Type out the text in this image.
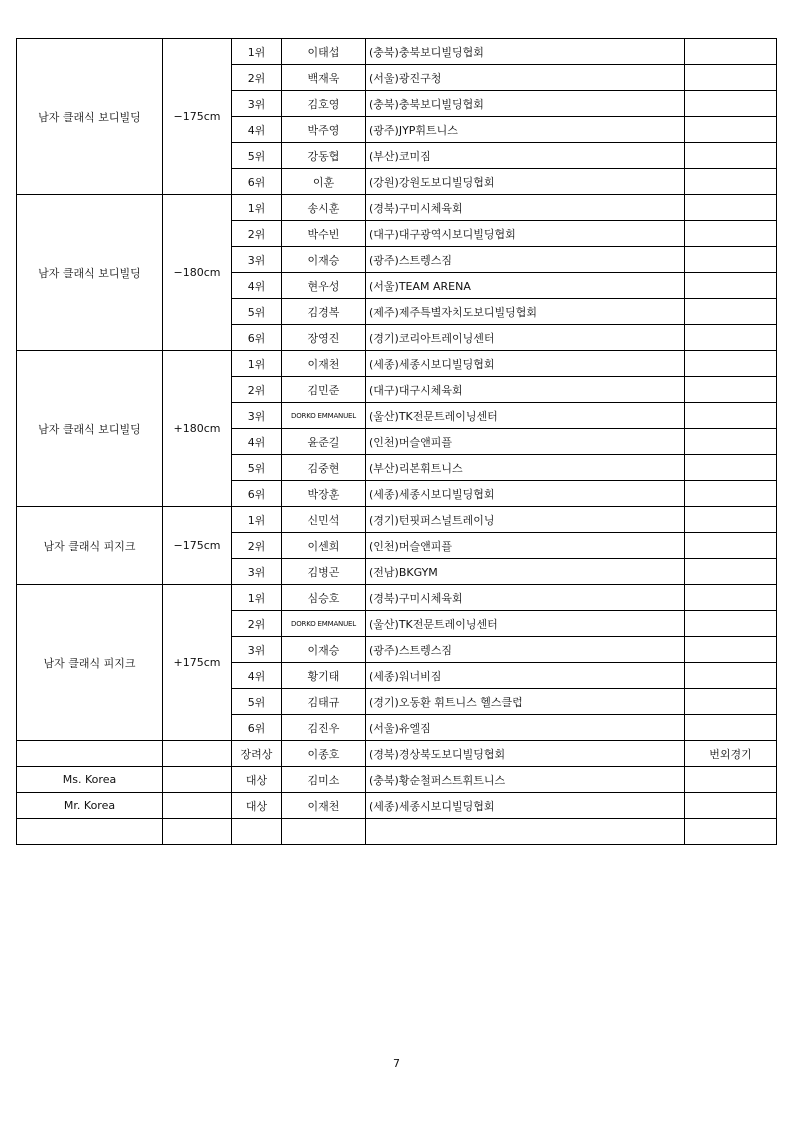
남자 클래식 보디빌딩	−175cm	1위	이태섭	(충북)충북보디빌딩협회	
		2위	백재욱	(서울)광진구청	
		3위	김호영	(충북)충북보디빌딩협회	
		4위	박주영	(광주)JYP휘트니스	
		5위	강동협	(부산)코미짐	
		6위	이훈	(강원)강원도보디빌딩협회	
남자 클래식 보디빌딩	−180cm	1위	송시훈	(경북)구미시체육회	
		2위	박수빈	(대구)대구광역시보디빌딩협회	
		3위	이재승	(광주)스트렝스짐	
		4위	현우성	(서울)TEAM ARENA	
		5위	김경복	(제주)제주특별자치도보디빌딩협회	
		6위	장영진	(경기)코리아트레이닝센터	
남자 클래식 보디빌딩	+180cm	1위	이재천	(세종)세종시보디빌딩협회	
		2위	김민준	(대구)대구시체육회	
		3위	DORKO EMMANUEL	(울산)TK전문트레이닝센터	
		4위	윤준길	(인천)머슬앤피플	
		5위	김중현	(부산)리본휘트니스	
		6위	박장훈	(세종)세종시보디빌딩협회	
남자 클래식 피지크	−175cm	1위	신민석	(경기)턴핏퍼스널트레이닝	
		2위	이센희	(인천)머슬앤피플	
		3위	김병곤	(전남)BKGYM	
남자 클래식 피지크	+175cm	1위	심승호	(경북)구미시체육회	
		2위	DORKO EMMANUEL	(울산)TK전문트레이닝센터	
		3위	이재승	(광주)스트렝스짐	
		4위	황기태	(세종)워너비짐	
		5위	김태규	(경기)오동환 휘트니스 헬스클럽	
		6위	김진우	(서울)유엘짐	
		장려상	이종호	(경북)경상북도보디빌딩협회	번외경기
Ms. Korea		대상	김미소	(충북)황순철퍼스트휘트니스	
Mr. Korea		대상	이재천	(세종)세종시보디빌딩협회	

7
